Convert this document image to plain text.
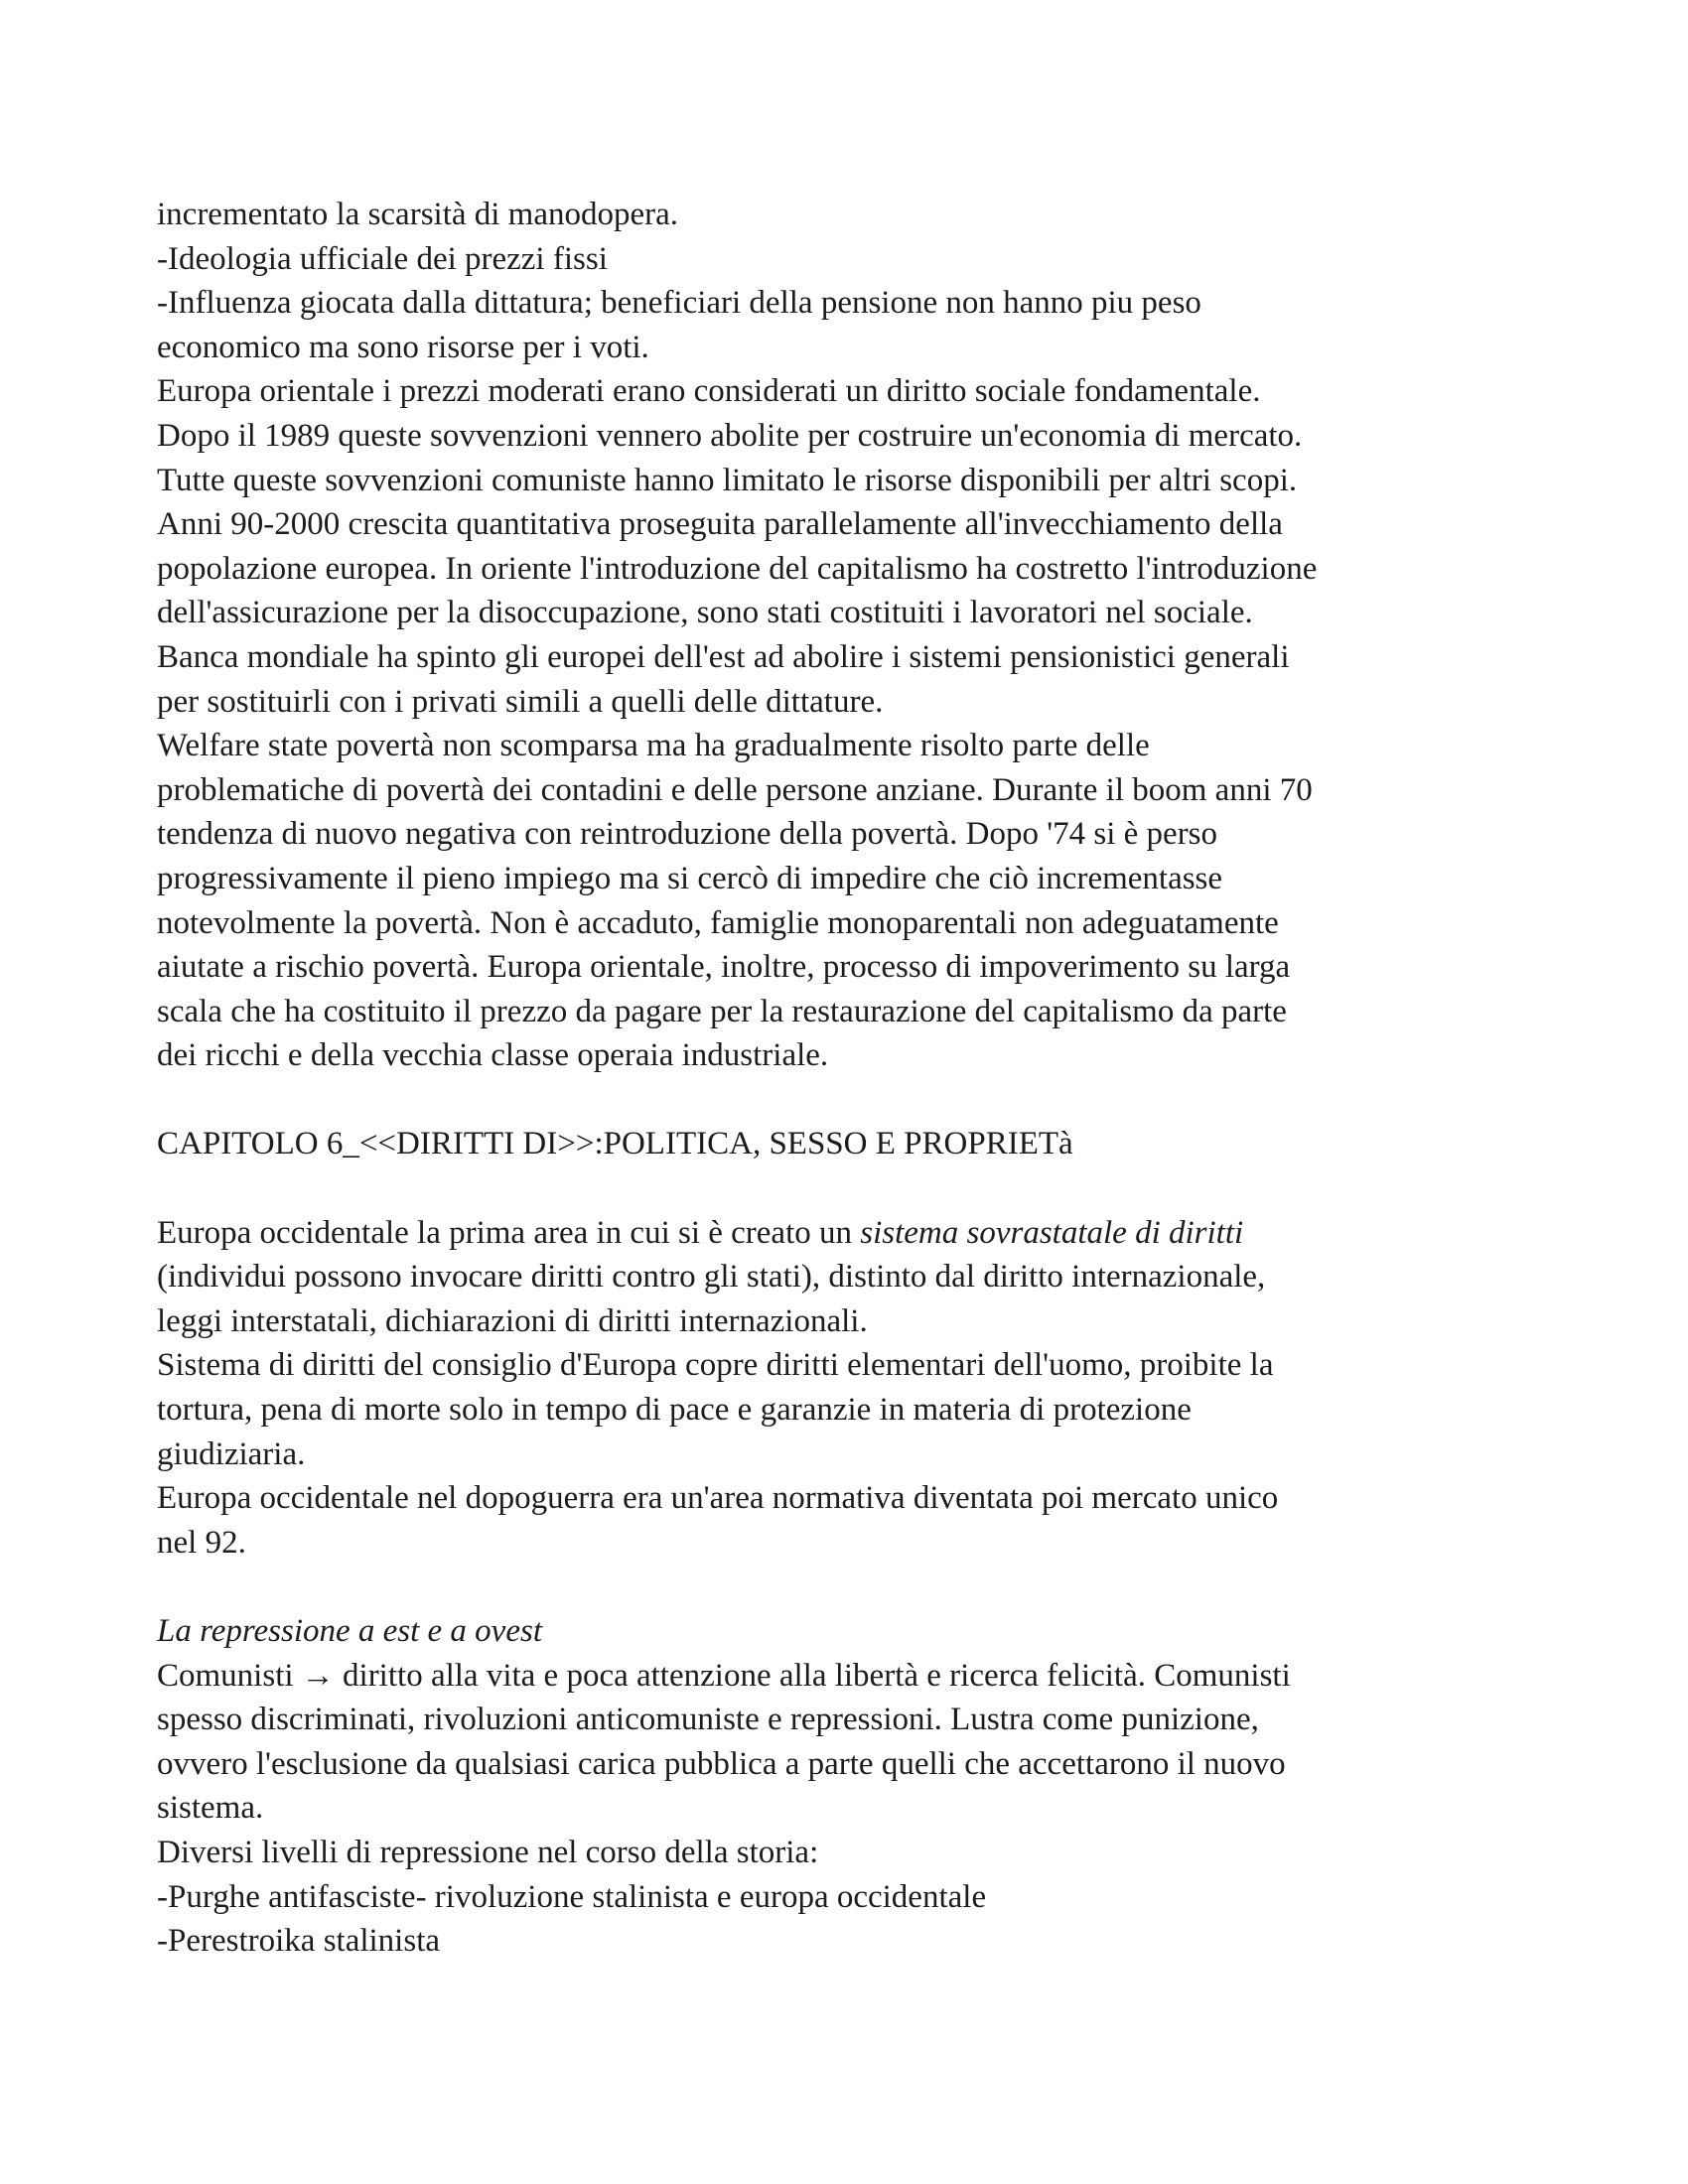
incrementato la scarsità di manodopera.
-Ideologia ufficiale dei prezzi fissi
-Influenza giocata dalla dittatura; beneficiari della pensione non hanno piu peso
economico ma sono risorse per i voti.
Europa orientale i prezzi moderati erano considerati un diritto sociale fondamentale.
Dopo il 1989 queste sovvenzioni vennero abolite per costruire un'economia di mercato.
Tutte queste sovvenzioni comuniste hanno limitato le risorse disponibili per altri scopi.
Anni 90-2000 crescita quantitativa proseguita parallelamente all'invecchiamento della
popolazione europea. In oriente l'introduzione del capitalismo ha costretto l'introduzione
dell'assicurazione per la disoccupazione, sono stati costituiti i lavoratori nel sociale.
Banca mondiale ha spinto gli europei dell'est ad abolire i sistemi pensionistici generali
per sostituirli con i privati simili a quelli delle dittature.
Welfare state povertà non scomparsa ma ha gradualmente risolto parte delle
problematiche di povertà dei contadini e delle persone anziane. Durante il boom anni 70
tendenza di nuovo negativa con reintroduzione della povertà. Dopo '74 si è perso
progressivamente il pieno impiego ma si cercò di impedire che ciò incrementasse
notevolmente la povertà. Non è accaduto, famiglie monoparentali non adeguatamente
aiutate a rischio povertà. Europa orientale, inoltre, processo di impoverimento su larga
scala che ha costituito il prezzo da pagare per la restaurazione del capitalismo da parte
dei ricchi e della vecchia classe operaia industriale.
CAPITOLO 6_<<DIRITTI DI>>:POLITICA, SESSO E PROPRIETà
Europa occidentale la prima area in cui si è creato un sistema sovrastatale di diritti
(individui possono invocare diritti contro gli stati), distinto dal diritto internazionale,
leggi interstatali, dichiarazioni di diritti internazionali.
Sistema di diritti del consiglio d'Europa copre diritti elementari dell'uomo, proibite la
tortura, pena di morte solo in tempo di pace e garanzie in materia di protezione
giudiziaria.
Europa occidentale nel dopoguerra era un'area normativa diventata poi mercato unico
nel 92.
La repressione a est e a ovest
Comunisti → diritto alla vita e poca attenzione alla libertà e ricerca felicità. Comunisti
spesso discriminati, rivoluzioni anticomuniste e repressioni. Lustra come punizione,
ovvero l'esclusione da qualsiasi carica pubblica a parte quelli che accettarono il nuovo
sistema.
Diversi livelli di repressione nel corso della storia:
-Purghe antifasciste- rivoluzione stalinista e europa occidentale
-Perestroika stalinista
